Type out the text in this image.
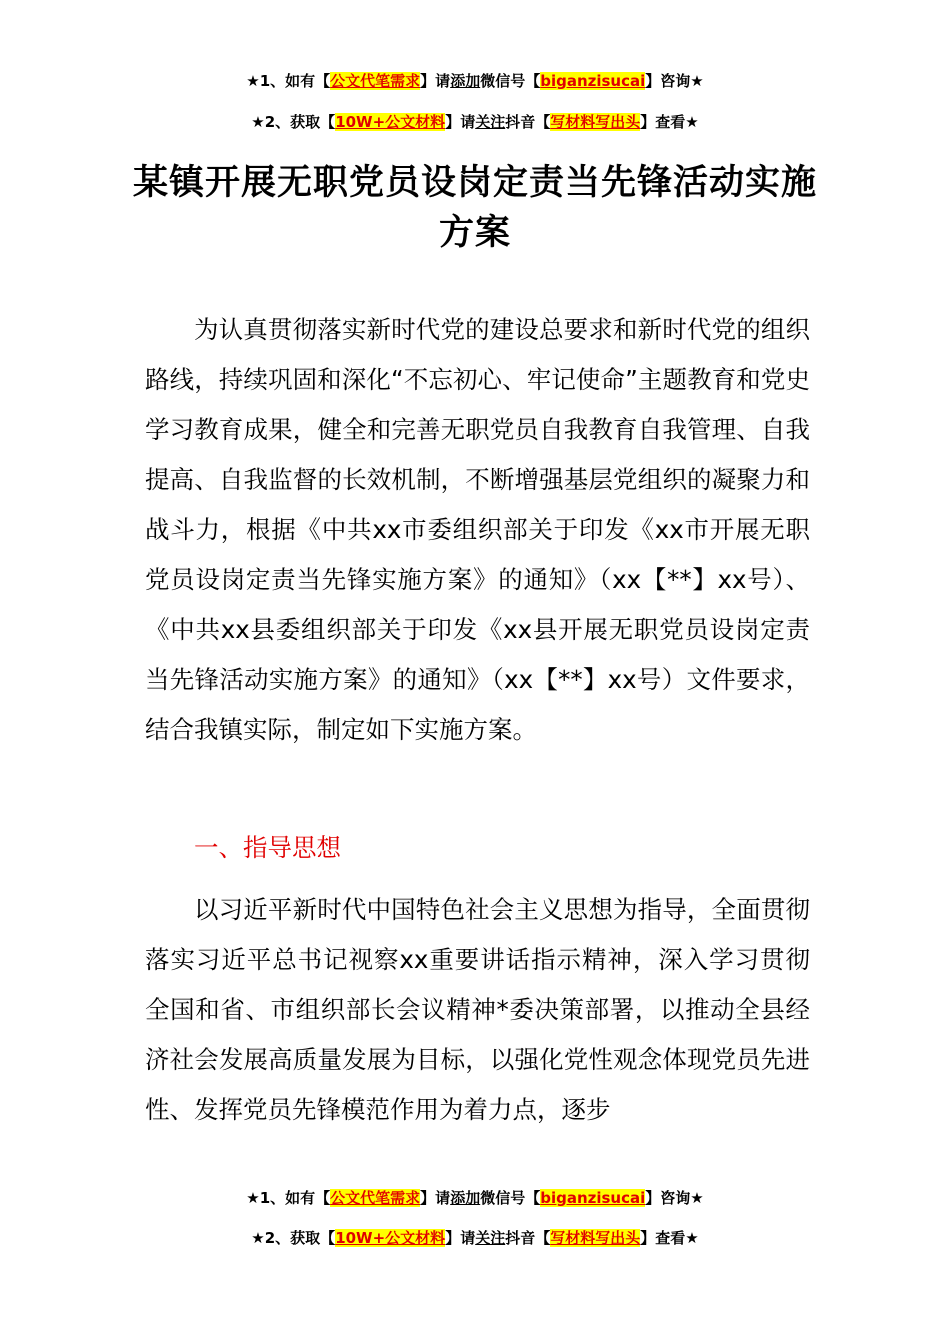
★1、如有【公文代笔需求】请添加微信号【biganzisucai】咨询★
★2、获取【10W+公文材料】请关注抖音【写材料写出头】查看★
某镇开展无职党员设岗定责当先锋活动实施方案

为认真贯彻落实新时代党的建设总要求和新时代党的组织路线，持续巩固和深化“不忘初心、牢记使命”主题教育和党史学习教育成果，健全和完善无职党员自我教育自我管理、自我提高、自我监督的长效机制，不断增强基层党组织的凝聚力和战斗力，根据《中共xx市委组织部关于印发《xx市开展无职党员设岗定责当先锋实施方案》的通知》（xx【**】xx号）、《中共xx县委组织部关于印发《xx县开展无职党员设岗定责当先锋活动实施方案》的通知》（xx【**】xx号）文件要求，结合我镇实际，制定如下实施方案。

一、指导思想

以习近平新时代中国特色社会主义思想为指导，全面贯彻落实习近平总书记视察xx重要讲话指示精神，深入学习贯彻全国和省、市组织部长会议精神*委决策部署，以推动全县经济社会发展高质量发展为目标，以强化党性观念体现党员先进性、发挥党员先锋模范作用为着力点，逐步

★1、如有【公文代笔需求】请添加微信号【biganzisucai】咨询★
★2、获取【10W+公文材料】请关注抖音【写材料写出头】查看★
